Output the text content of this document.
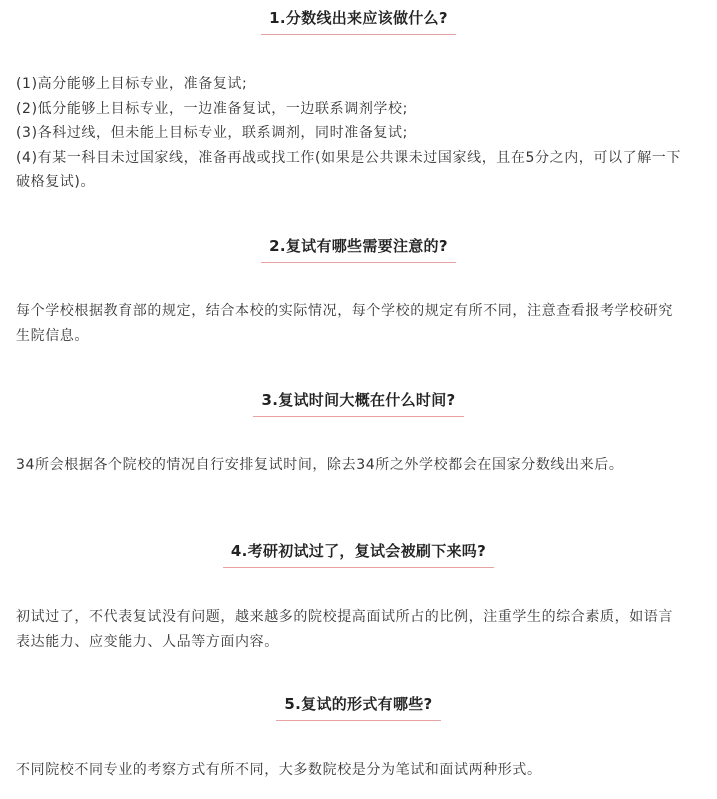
1.分数线出来应该做什么?

(1)高分能够上目标专业，准备复试;

(2)低分能够上目标专业，一边准备复试，一边联系调剂学校;

(3)各科过线，但未能上目标专业，联系调剂，同时准备复试;

(4)有某一科目未过国家线，准备再战或找工作(如果是公共课未过国家线，且在5分之内，可以了解一下破格复试)。

2.复试有哪些需要注意的?

每个学校根据教育部的规定，结合本校的实际情况，每个学校的规定有所不同，注意查看报考学校研究生院信息。

3.复试时间大概在什么时间?

34所会根据各个院校的情况自行安排复试时间，除去34所之外学校都会在国家分数线出来后。

4.考研初试过了，复试会被刷下来吗?

初试过了，不代表复试没有问题，越来越多的院校提高面试所占的比例，注重学生的综合素质，如语言表达能力、应变能力、人品等方面内容。

5.复试的形式有哪些?

不同院校不同专业的考察方式有所不同，大多数院校是分为笔试和面试两种形式。
